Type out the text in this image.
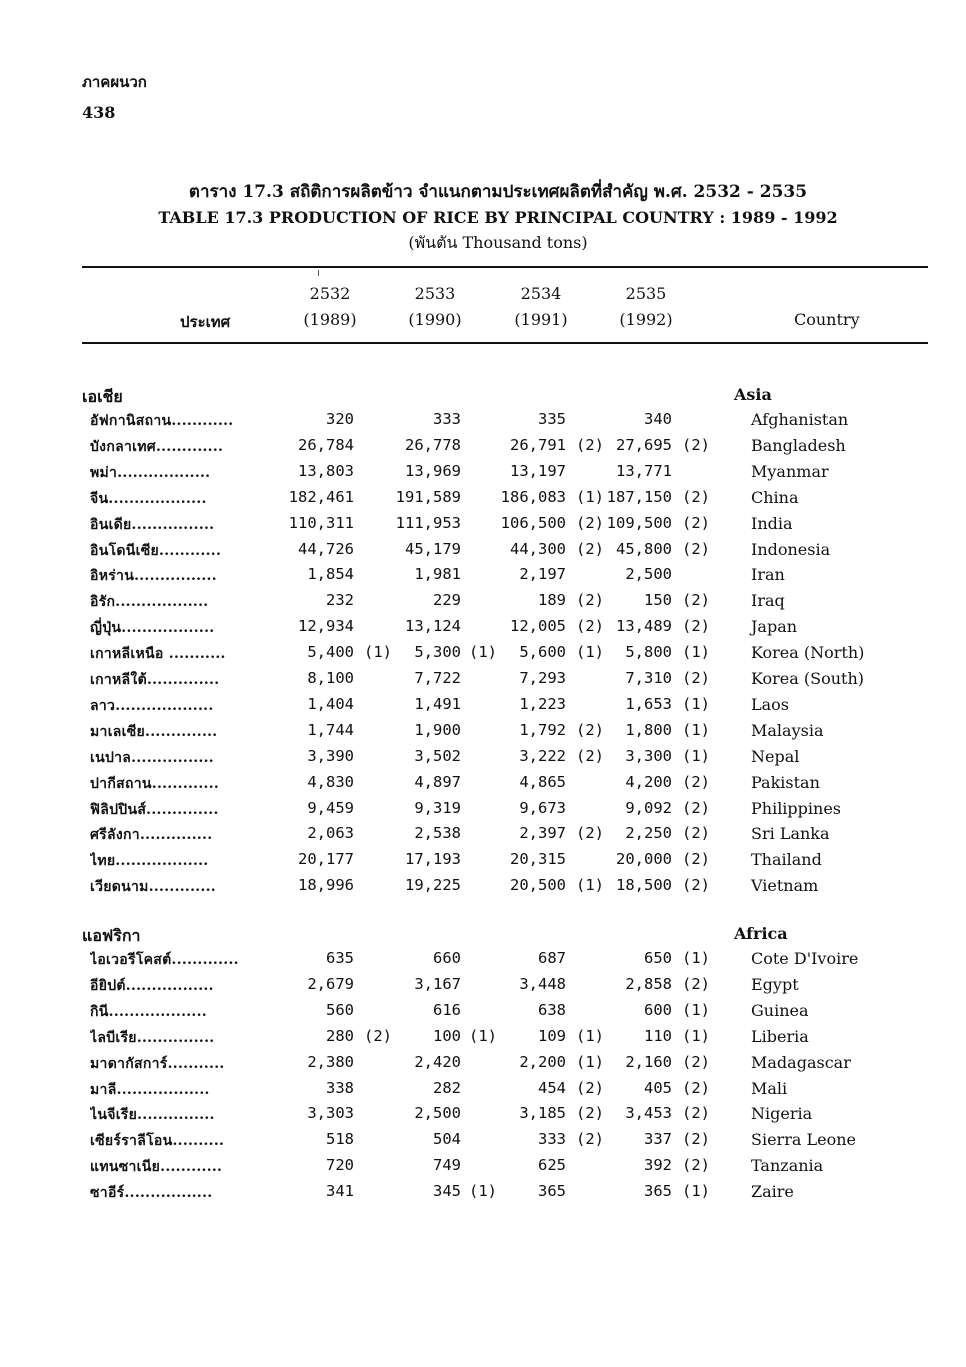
ภาคผนวก
438
ตาราง 17.3 สถิติการผลิตข้าว จำแนกตามประเทศผลิตที่สำคัญ พ.ศ. 2532 - 2535
TABLE 17.3 PRODUCTION OF RICE BY PRINCIPAL COUNTRY : 1989 - 1992
(พันตัน Thousand tons)
2532	2533	2534	2535
(1989)	(1990)	(1991)	(1992)
ประเทศ	Country
เอเชีย	Asia
อัฟกานิสถาน............	320	333	335	340	Afghanistan
บังกลาเทศ.............	26,784	26,778	26,791 (2) 27,695 (2)	Bangladesh
พม่า..................	13,803	13,969	13,197	13,771	Myanmar
จีน...................	182,461	191,589	186,083 (1) 187,150 (2)	China
อินเดีย................	110,311	111,953	106,500 (2) 109,500 (2)	India
อินโดนีเซีย............	44,726	45,179	44,300 (2) 45,800 (2)	Indonesia
อิหร่าน................	1,854	1,981	2,197	2,500	Iran
อิรัก..................	232	229	189 (2)	150 (2)	Iraq
ญี่ปุ่น..................	12,934	13,124	12,005 (2) 13,489 (2)	Japan
เกาหลีเหนือ ...........	5,400 (1) 5,300 (1) 5,600 (1) 5,800 (1)	Korea (North)
เกาหลีใต้..............	8,100	7,722	7,293	7,310 (2)	Korea (South)
ลาว...................	1,404	1,491	1,223	1,653 (1)	Laos
มาเลเซีย..............	1,744	1,900	1,792 (2) 1,800 (1)	Malaysia
เนปาล................	3,390	3,502	3,222 (2) 3,300 (1)	Nepal
ปากีสถาน.............	4,830	4,897	4,865	4,200 (2)	Pakistan
ฟิลิปปินส์..............	9,459	9,319	9,673	9,092 (2)	Philippines
ศรีลังกา..............	2,063	2,538	2,397 (2) 2,250 (2)	Sri Lanka
ไทย..................	20,177	17,193	20,315	20,000 (2)	Thailand
เวียดนาม.............	18,996	19,225	20,500 (1) 18,500 (2)	Vietnam
แอฟริกา	Africa
ไอเวอรีโคสต์.............	635	660	687	650 (1)	Cote D'Ivoire
อียิปต์.................	2,679	3,167	3,448	2,858 (2)	Egypt
กินี...................	560	616	638	600 (1)	Guinea
ไลบีเรีย...............	280 (2)	100 (1)	109 (1)	110 (1)	Liberia
มาดากัสการ์...........	2,380	2,420	2,200 (1) 2,160 (2)	Madagascar
มาลี..................	338	282	454 (2)	405 (2)	Mali
ไนจีเรีย...............	3,303	2,500	3,185 (2) 3,453 (2)	Nigeria
เซียร์ราลีโอน..........	518	504	333 (2)	337 (2)	Sierra Leone
แทนซาเนีย............	720	749	625	392 (2)	Tanzania
ซาอีร์.................	341	345 (1)	365	365 (1)	Zaire
